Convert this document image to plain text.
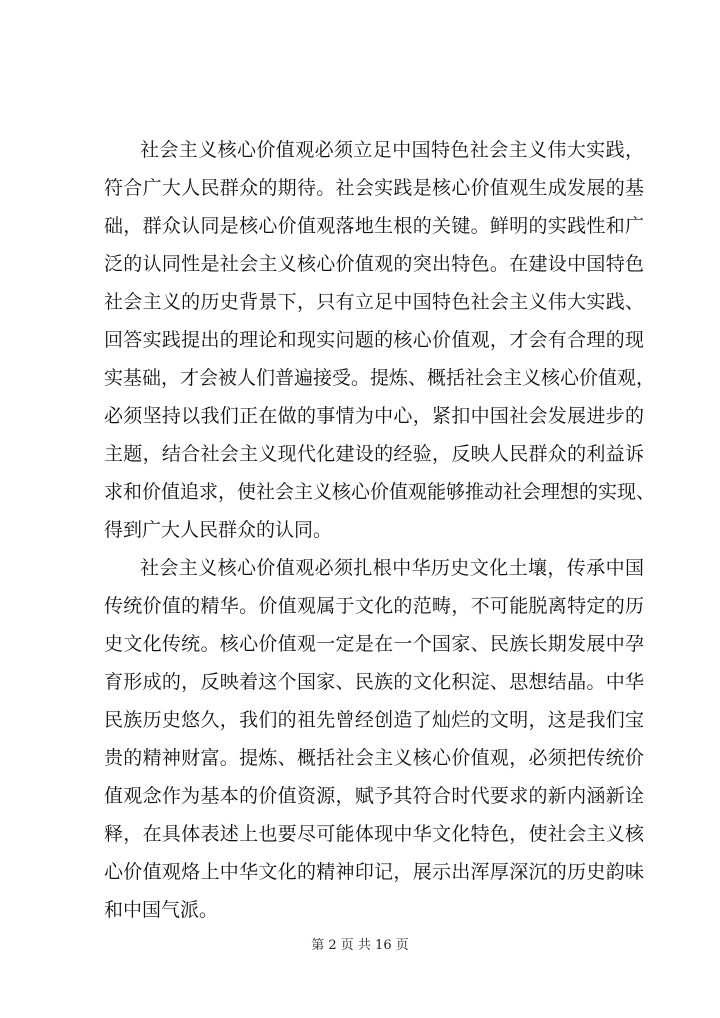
社会主义核心价值观必须立足中国特色社会主义伟大实践，
符合广大人民群众的期待。社会实践是核心价值观生成发展的基
础，群众认同是核心价值观落地生根的关键。鲜明的实践性和广
泛的认同性是社会主义核心价值观的突出特色。在建设中国特色
社会主义的历史背景下，只有立足中国特色社会主义伟大实践、
回答实践提出的理论和现实问题的核心价值观，才会有合理的现
实基础，才会被人们普遍接受。提炼、概括社会主义核心价值观，
必须坚持以我们正在做的事情为中心，紧扣中国社会发展进步的
主题，结合社会主义现代化建设的经验，反映人民群众的利益诉
求和价值追求，使社会主义核心价值观能够推动社会理想的实现、
得到广大人民群众的认同。
社会主义核心价值观必须扎根中华历史文化土壤，传承中国
传统价值的精华。价值观属于文化的范畴，不可能脱离特定的历
史文化传统。核心价值观一定是在一个国家、民族长期发展中孕
育形成的，反映着这个国家、民族的文化积淀、思想结晶。中华
民族历史悠久，我们的祖先曾经创造了灿烂的文明，这是我们宝
贵的精神财富。提炼、概括社会主义核心价值观，必须把传统价
值观念作为基本的价值资源，赋予其符合时代要求的新内涵新诠
释，在具体表述上也要尽可能体现中华文化特色，使社会主义核
心价值观烙上中华文化的精神印记，展示出浑厚深沉的历史韵味
和中国气派。
第 2 页 共 16 页
